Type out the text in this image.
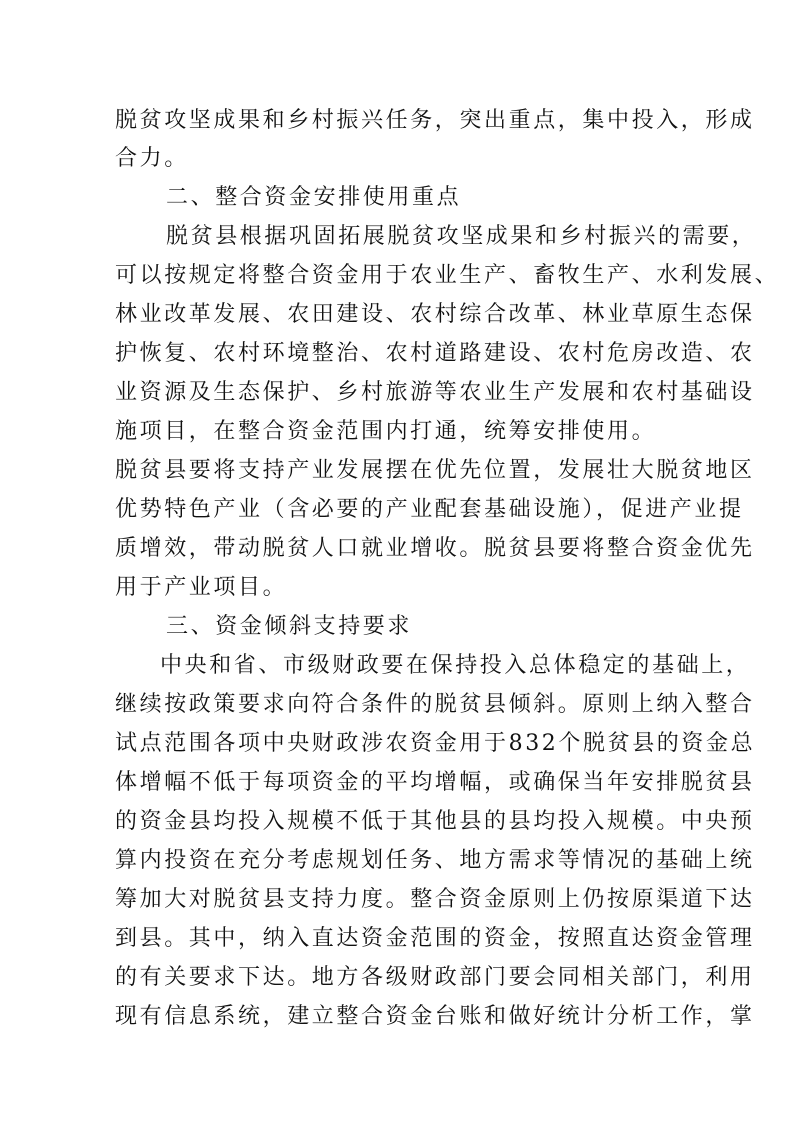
脱贫攻坚成果和乡村振兴任务，突出重点，集中投入，形成
合力。
二、整合资金安排使用重点
脱贫县根据巩固拓展脱贫攻坚成果和乡村振兴的需要，
可以按规定将整合资金用于农业生产、畜牧生产、水利发展、
林业改革发展、农田建设、农村综合改革、林业草原生态保
护恢复、农村环境整治、农村道路建设、农村危房改造、农
业资源及生态保护、乡村旅游等农业生产发展和农村基础设
施项目，在整合资金范围内打通，统筹安排使用。
脱贫县要将支持产业发展摆在优先位置，发展壮大脱贫地区
优势特色产业（含必要的产业配套基础设施），促进产业提
质增效，带动脱贫人口就业增收。脱贫县要将整合资金优先
用于产业项目。
三、资金倾斜支持要求
中央和省、市级财政要在保持投入总体稳定的基础上，
继续按政策要求向符合条件的脱贫县倾斜。原则上纳入整合
试点范围各项中央财政涉农资金用于832个脱贫县的资金总
体增幅不低于每项资金的平均增幅，或确保当年安排脱贫县
的资金县均投入规模不低于其他县的县均投入规模。中央预
算内投资在充分考虑规划任务、地方需求等情况的基础上统
筹加大对脱贫县支持力度。整合资金原则上仍按原渠道下达
到县。其中，纳入直达资金范围的资金，按照直达资金管理
的有关要求下达。地方各级财政部门要会同相关部门，利用
现有信息系统，建立整合资金台账和做好统计分析工作，掌
